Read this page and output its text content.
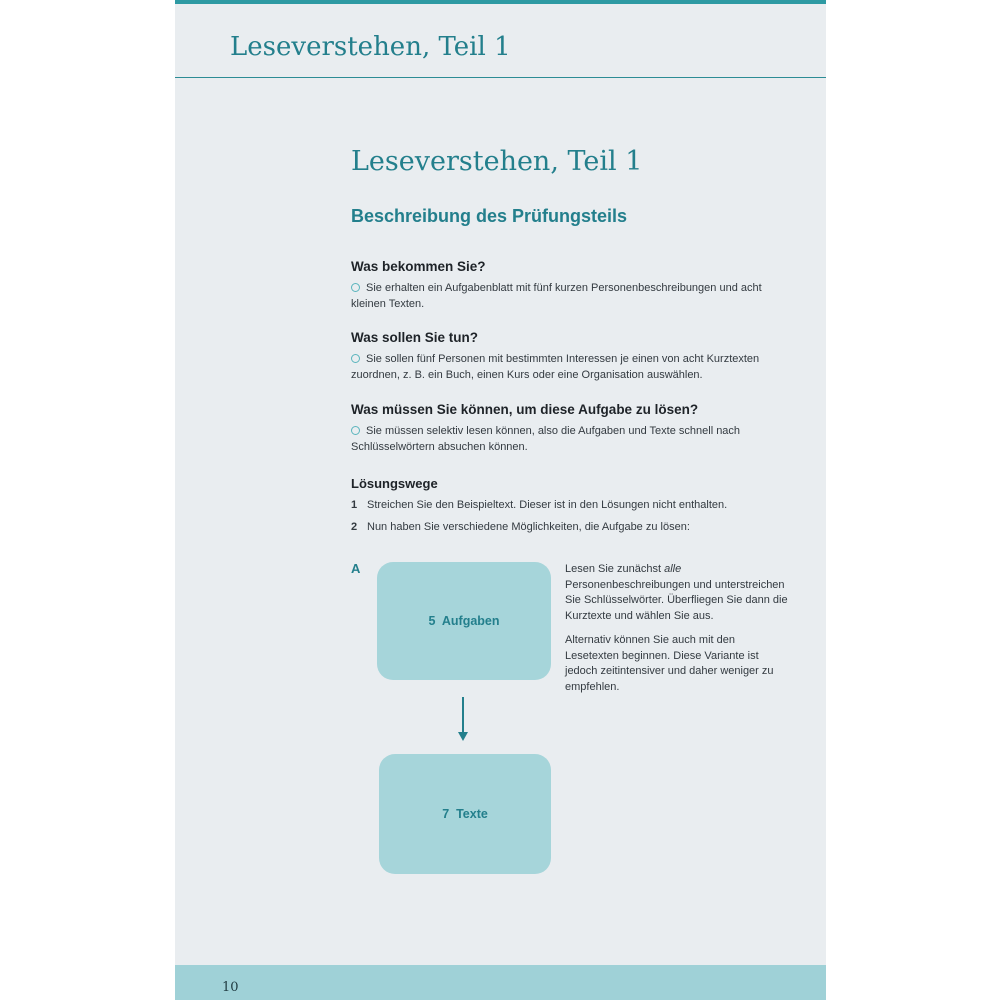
Leseverstehen, Teil 1
Leseverstehen, Teil 1
Beschreibung des Prüfungsteils

Was bekommen Sie?

Sie erhalten ein Aufgabenblatt mit fünf kurzen Personenbeschreibungen und acht kleinen Texten.

Was sollen Sie tun?

Sie sollen fünf Personen mit bestimmten Interessen je einen von acht Kurztexten zuordnen, z. B. ein Buch, einen Kurs oder eine Organisation auswählen.

Was müssen Sie können, um diese Aufgabe zu lösen?

Sie müssen selektiv lesen können, also die Aufgaben und Texte schnell nach Schlüsselwörtern absuchen können.

Lösungswege
1 Streichen Sie den Beispieltext. Dieser ist in den Lösungen nicht enthalten.
2 Nun haben Sie verschiedene Möglichkeiten, die Aufgabe zu lösen:
A
5  Aufgaben
7  Texte

Lesen Sie zunächst alle Personenbeschreibungen und unterstreichen Sie Schlüsselwörter. Überfliegen Sie dann die Kurztexte und wählen Sie aus.

Alternativ können Sie auch mit den Lesetexten beginnen. Diese Variante ist jedoch zeitintensiver und daher weniger zu empfehlen.

10
